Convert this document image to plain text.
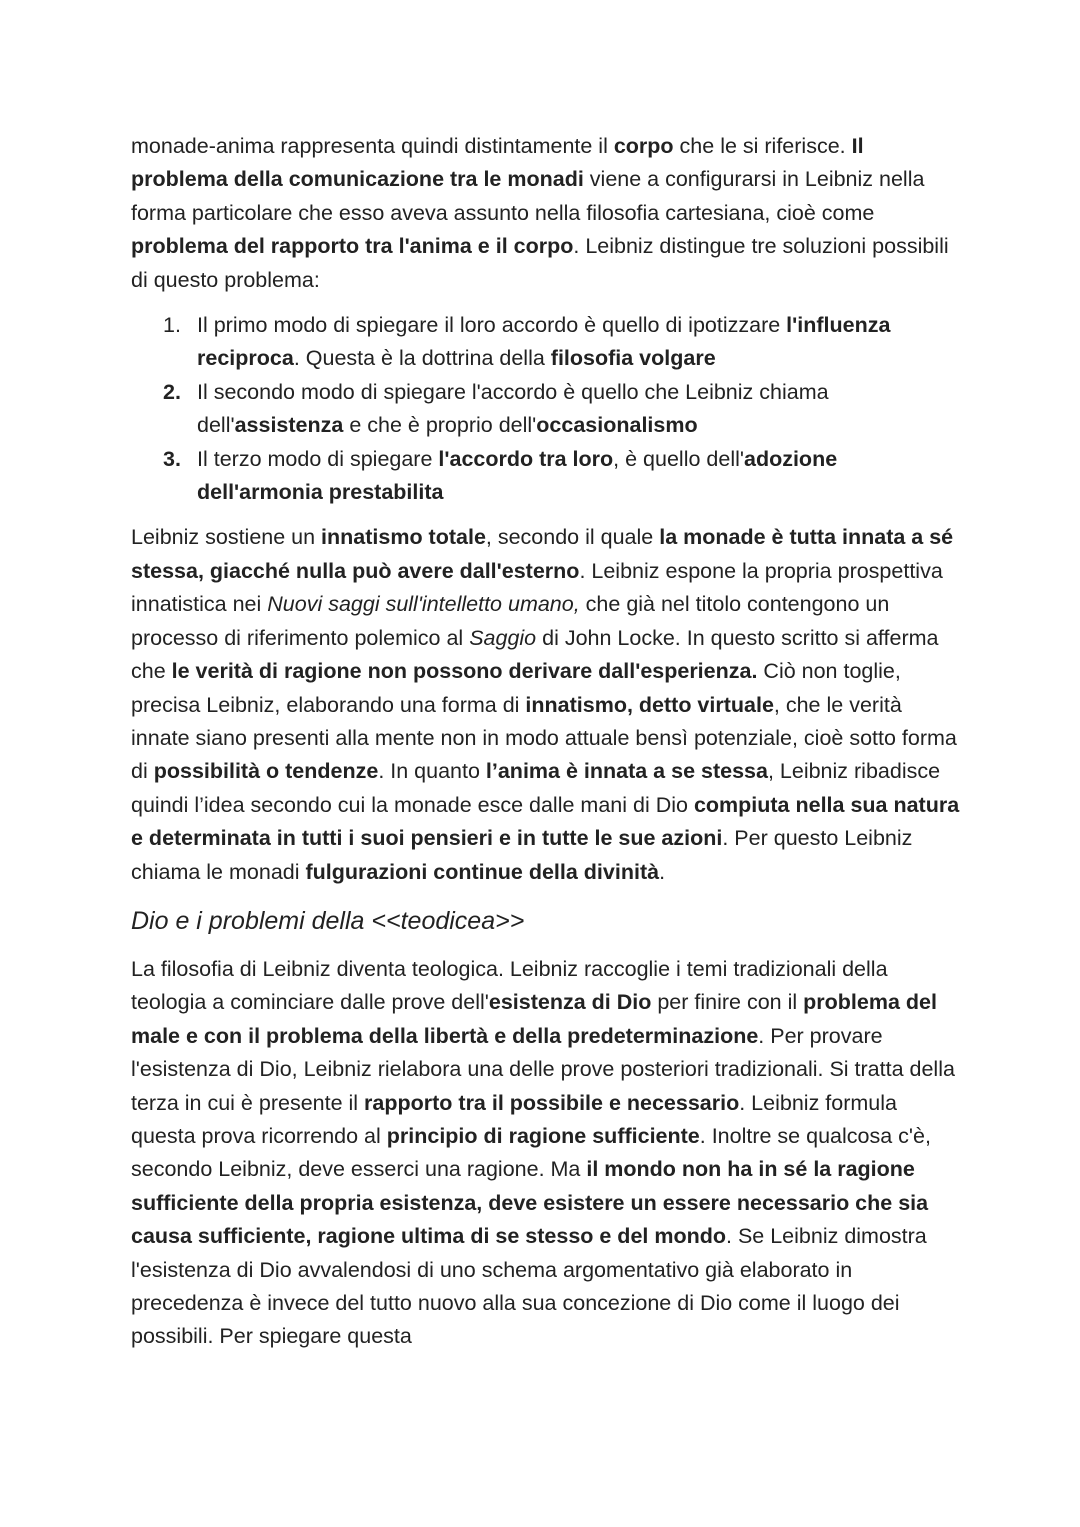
monade-anima rappresenta quindi distintamente il corpo che le si riferisce. Il problema della comunicazione tra le monadi viene a configurarsi in Leibniz nella forma particolare che esso aveva assunto nella filosofia cartesiana, cioè come problema del rapporto tra l'anima e il corpo. Leibniz distingue tre soluzioni possibili di questo problema:

1. Il primo modo di spiegare il loro accordo è quello di ipotizzare l'influenza reciproca. Questa è la dottrina della filosofia volgare
2. Il secondo modo di spiegare l'accordo è quello che Leibniz chiama dell'assistenza e che è proprio dell'occasionalismo
3. Il terzo modo di spiegare l'accordo tra loro, è quello dell'adozione dell'armonia prestabilita

Leibniz sostiene un innatismo totale, secondo il quale la monade è tutta innata a sé stessa, giacché nulla può avere dall'esterno. Leibniz espone la propria prospettiva innatistica nei Nuovi saggi sull'intelletto umano, che già nel titolo contengono un processo di riferimento polemico al Saggio di John Locke. In questo scritto si afferma che le verità di ragione non possono derivare dall'esperienza. Ciò non toglie, precisa Leibniz, elaborando una forma di innatismo, detto virtuale, che le verità innate siano presenti alla mente non in modo attuale bensì potenziale, cioè sotto forma di possibilità o tendenze. In quanto l’anima è innata a se stessa, Leibniz ribadisce quindi l’idea secondo cui la monade esce dalle mani di Dio compiuta nella sua natura e determinata in tutti i suoi pensieri e in tutte le sue azioni. Per questo Leibniz chiama le monadi fulgurazioni continue della divinità.

Dio e i problemi della <<teodicea>>

La filosofia di Leibniz diventa teologica. Leibniz raccoglie i temi tradizionali della teologia a cominciare dalle prove dell'esistenza di Dio per finire con il problema del male e con il problema della libertà e della predeterminazione. Per provare l'esistenza di Dio, Leibniz rielabora una delle prove posteriori tradizionali. Si tratta della terza in cui è presente il rapporto tra il possibile e necessario. Leibniz formula questa prova ricorrendo al principio di ragione sufficiente. Inoltre se qualcosa c'è, secondo Leibniz, deve esserci una ragione. Ma il mondo non ha in sé la ragione sufficiente della propria esistenza, deve esistere un essere necessario che sia causa sufficiente, ragione ultima di se stesso e del mondo. Se Leibniz dimostra l'esistenza di Dio avvalendosi di uno schema argomentativo già elaborato in precedenza è invece del tutto nuovo alla sua concezione di Dio come il luogo dei possibili. Per spiegare questa
